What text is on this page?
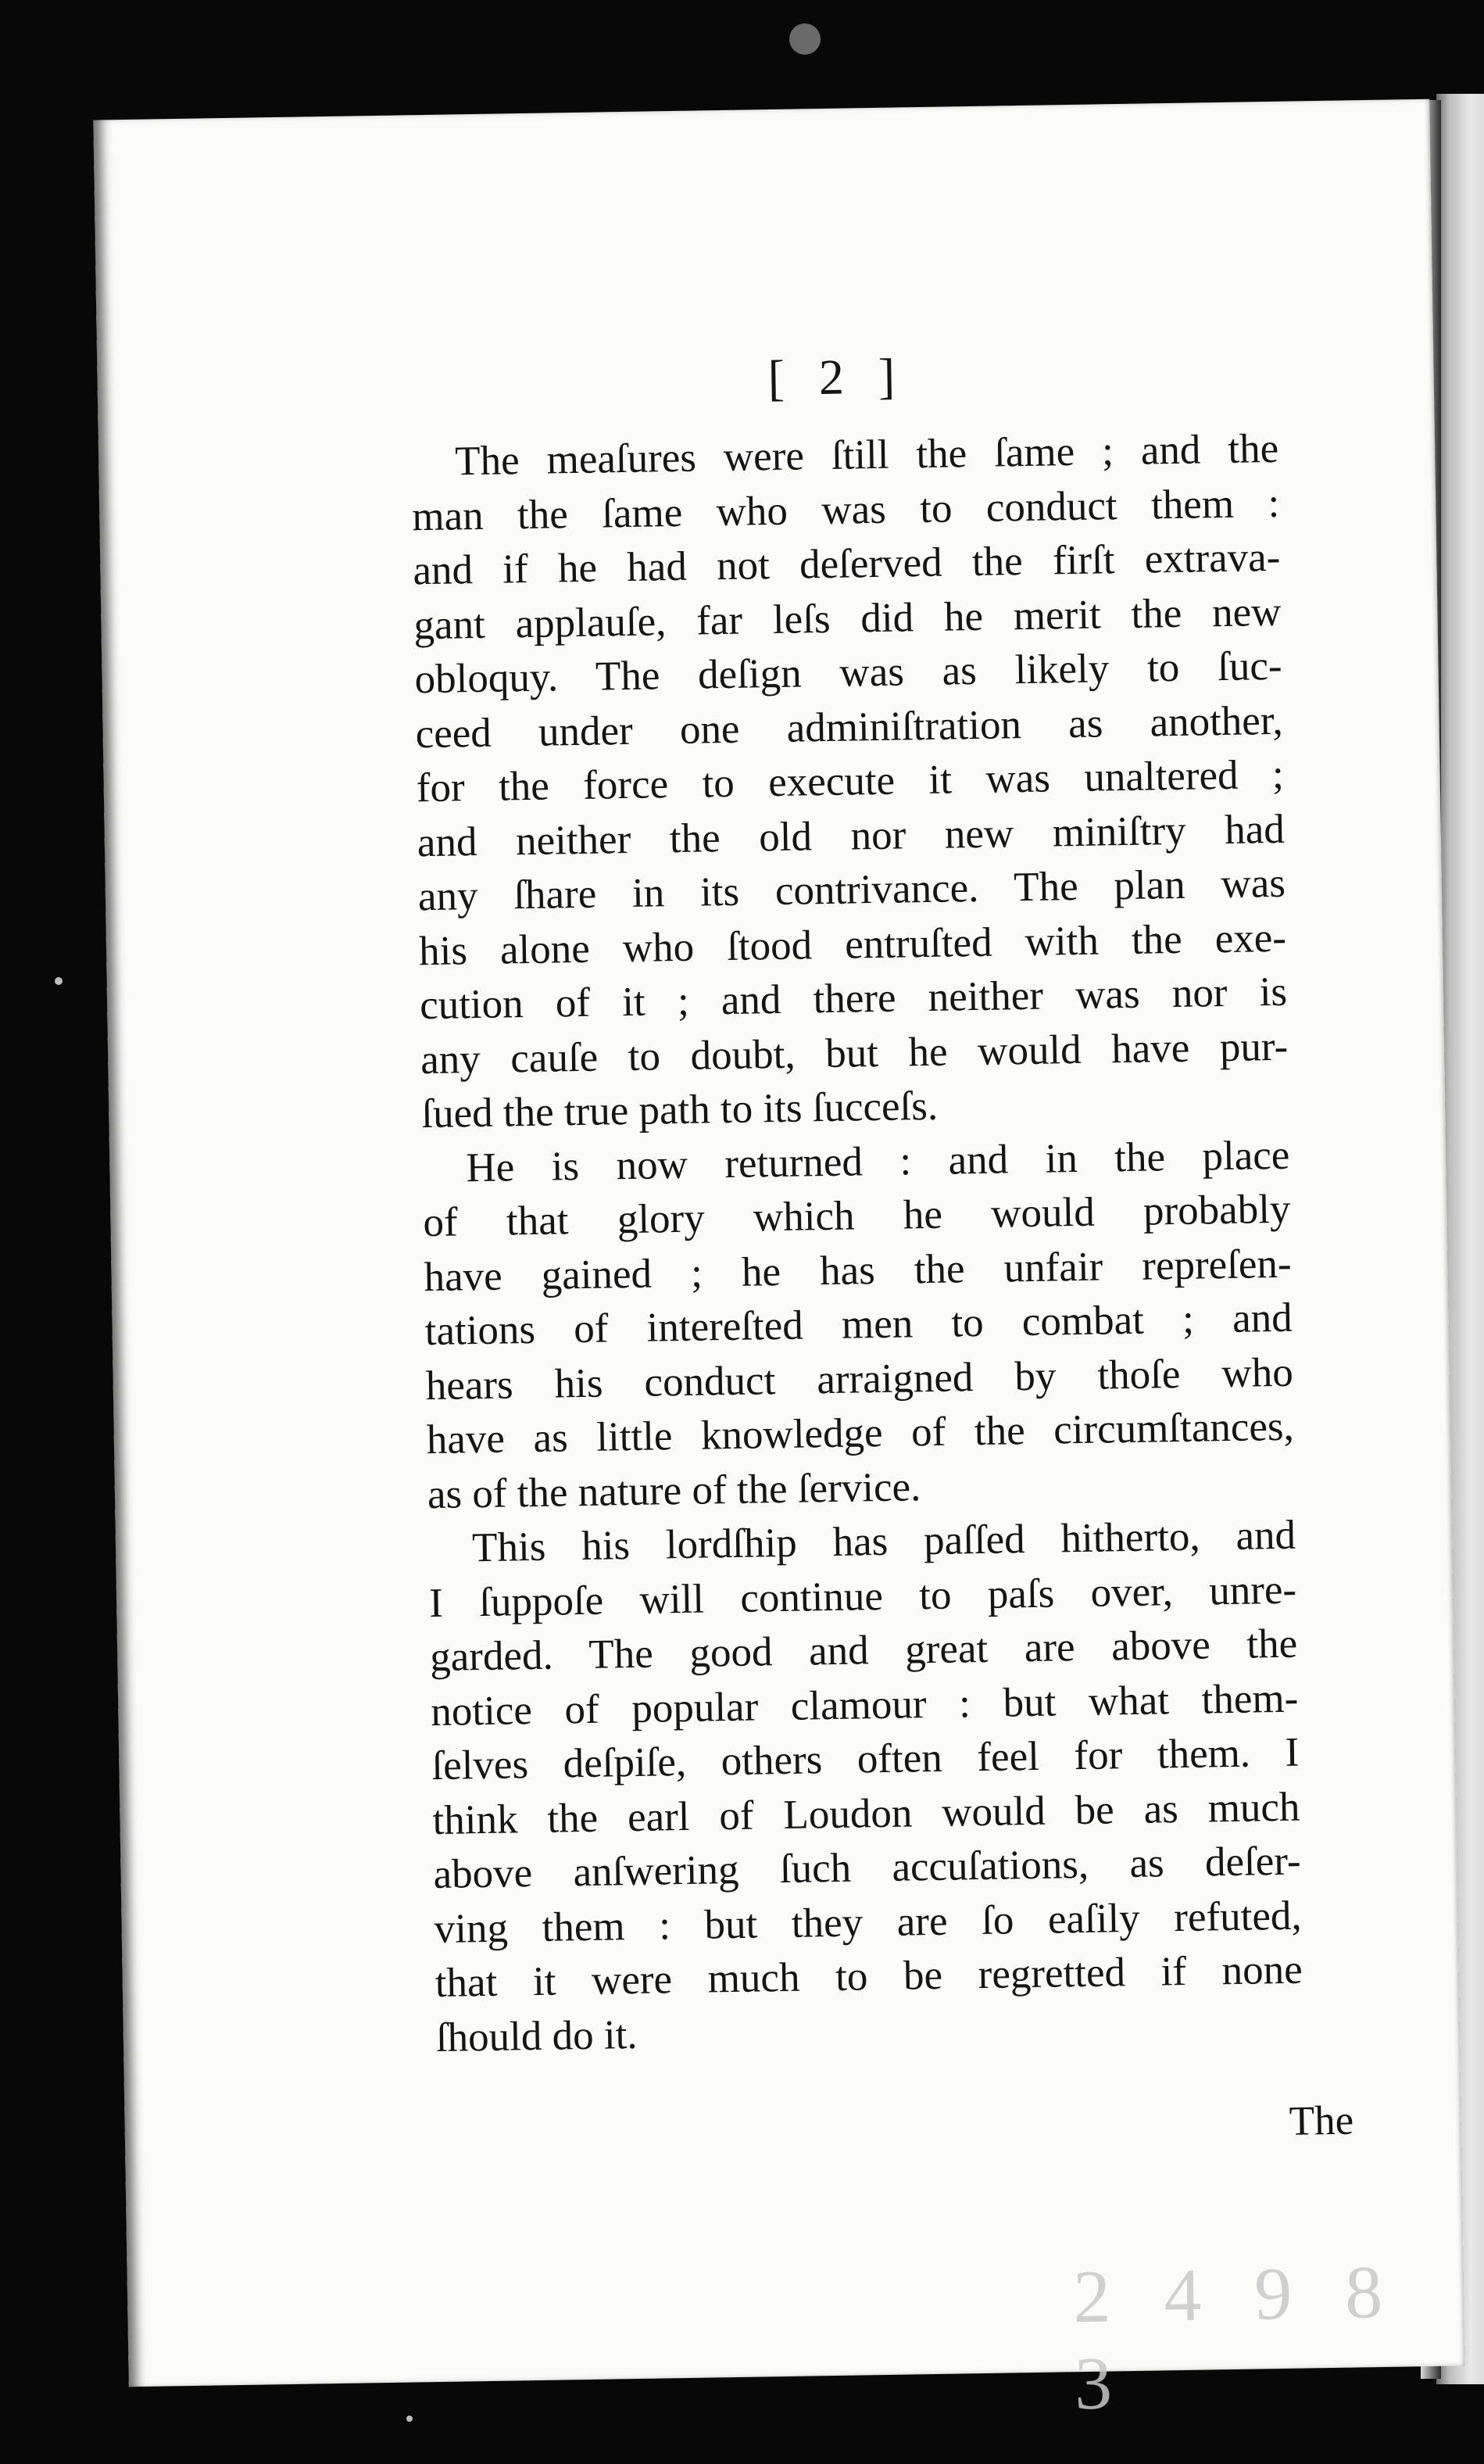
[ 2 ]
The meaſures were ſtill the ſame ; and the
man the ſame who was to conduct them :
and if he had not deſerved the firſt extrava-
gant applauſe, far leſs did he merit the new
obloquy. The deſign was as likely to ſuc-
ceed under one adminiſtration as another,
for the force to execute it was unaltered ;
and neither the old nor new miniſtry had
any ſhare in its contrivance. The plan was
his alone who ſtood entruſted with the exe-
cution of it ; and there neither was nor is
any cauſe to doubt, but he would have pur-
ſued the true path to its ſucceſs.
He is now returned : and in the place
of that glory which he would probably
have gained ; he has the unfair repreſen-
tations of intereſted men to combat ; and
hears his conduct arraigned by thoſe who
have as little knowledge of the circumſtances,
as of the nature of the ſervice.
This his lordſhip has paſſed hitherto, and
I ſuppoſe will continue to paſs over, unre-
garded. The good and great are above the
notice of popular clamour : but what them-
ſelves deſpiſe, others often feel for them. I
think the earl of Loudon would be as much
above anſwering ſuch accuſations, as deſer-
ving them : but they are ſo eaſily refuted,
that it were much to be regretted if none
ſhould do it.
The
2 4 9 8 3
